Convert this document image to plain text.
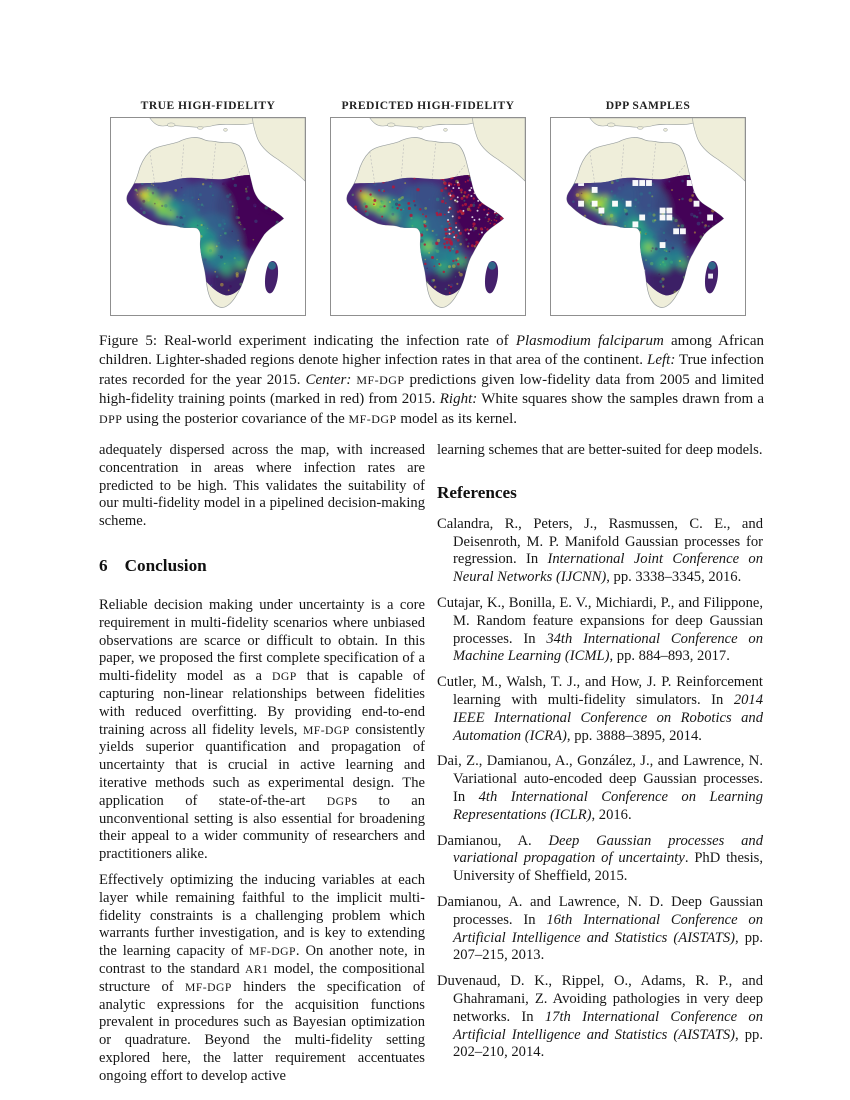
TRUE HIGH-FIDELITY	PREDICTED HIGH-FIDELITY	DPP SAMPLES
Figure 5: Real-world experiment indicating the infection rate of Plasmodium falciparum among African children. Lighter-shaded regions denote higher infection rates in that area of the continent. Left: True infection rates recorded for the year 2015. Center: MF-DGP predictions given low-fidelity data from 2005 and limited high-fidelity training points (marked in red) from 2015. Right: White squares show the samples drawn from a DPP using the posterior covariance of the MF-DGP model as its kernel.

adequately dispersed across the map, with increased concentration in areas where infection rates are predicted to be high. This validates the suitability of our multi-fidelity model in a pipelined decision-making scheme.

6 Conclusion

Reliable decision making under uncertainty is a core requirement in multi-fidelity scenarios where unbiased observations are scarce or difficult to obtain. In this paper, we proposed the first complete specification of a multi-fidelity model as a DGP that is capable of capturing non-linear relationships between fidelities with reduced overfitting. By providing end-to-end training across all fidelity levels, MF-DGP consistently yields superior quantification and propagation of uncertainty that is crucial in active learning and iterative methods such as experimental design. The application of state-of-the-art DGPs to an unconventional setting is also essential for broadening their appeal to a wider community of researchers and practitioners alike.

Effectively optimizing the inducing variables at each layer while remaining faithful to the implicit multi-fidelity constraints is a challenging problem which warrants further investigation, and is key to extending the learning capacity of MF-DGP. On another note, in contrast to the standard AR1 model, the compositional structure of MF-DGP hinders the specification of analytic expressions for the acquisition functions prevalent in procedures such as Bayesian optimization or quadrature. Beyond the multi-fidelity setting explored here, the latter requirement accentuates ongoing effort to develop active

learning schemes that are better-suited for deep models.

References

Calandra, R., Peters, J., Rasmussen, C. E., and Deisenroth, M. P. Manifold Gaussian processes for regression. In International Joint Conference on Neural Networks (IJCNN), pp. 3338–3345, 2016.

Cutajar, K., Bonilla, E. V., Michiardi, P., and Filippone, M. Random feature expansions for deep Gaussian processes. In 34th International Conference on Machine Learning (ICML), pp. 884–893, 2017.

Cutler, M., Walsh, T. J., and How, J. P. Reinforcement learning with multi-fidelity simulators. In 2014 IEEE International Conference on Robotics and Automation (ICRA), pp. 3888–3895, 2014.

Dai, Z., Damianou, A., González, J., and Lawrence, N. Variational auto-encoded deep Gaussian processes. In 4th International Conference on Learning Representations (ICLR), 2016.

Damianou, A. Deep Gaussian processes and variational propagation of uncertainty. PhD thesis, University of Sheffield, 2015.

Damianou, A. and Lawrence, N. D. Deep Gaussian processes. In 16th International Conference on Artificial Intelligence and Statistics (AISTATS), pp. 207–215, 2013.

Duvenaud, D. K., Rippel, O., Adams, R. P., and Ghahramani, Z. Avoiding pathologies in very deep networks. In 17th International Conference on Artificial Intelligence and Statistics (AISTATS), pp. 202–210, 2014.
